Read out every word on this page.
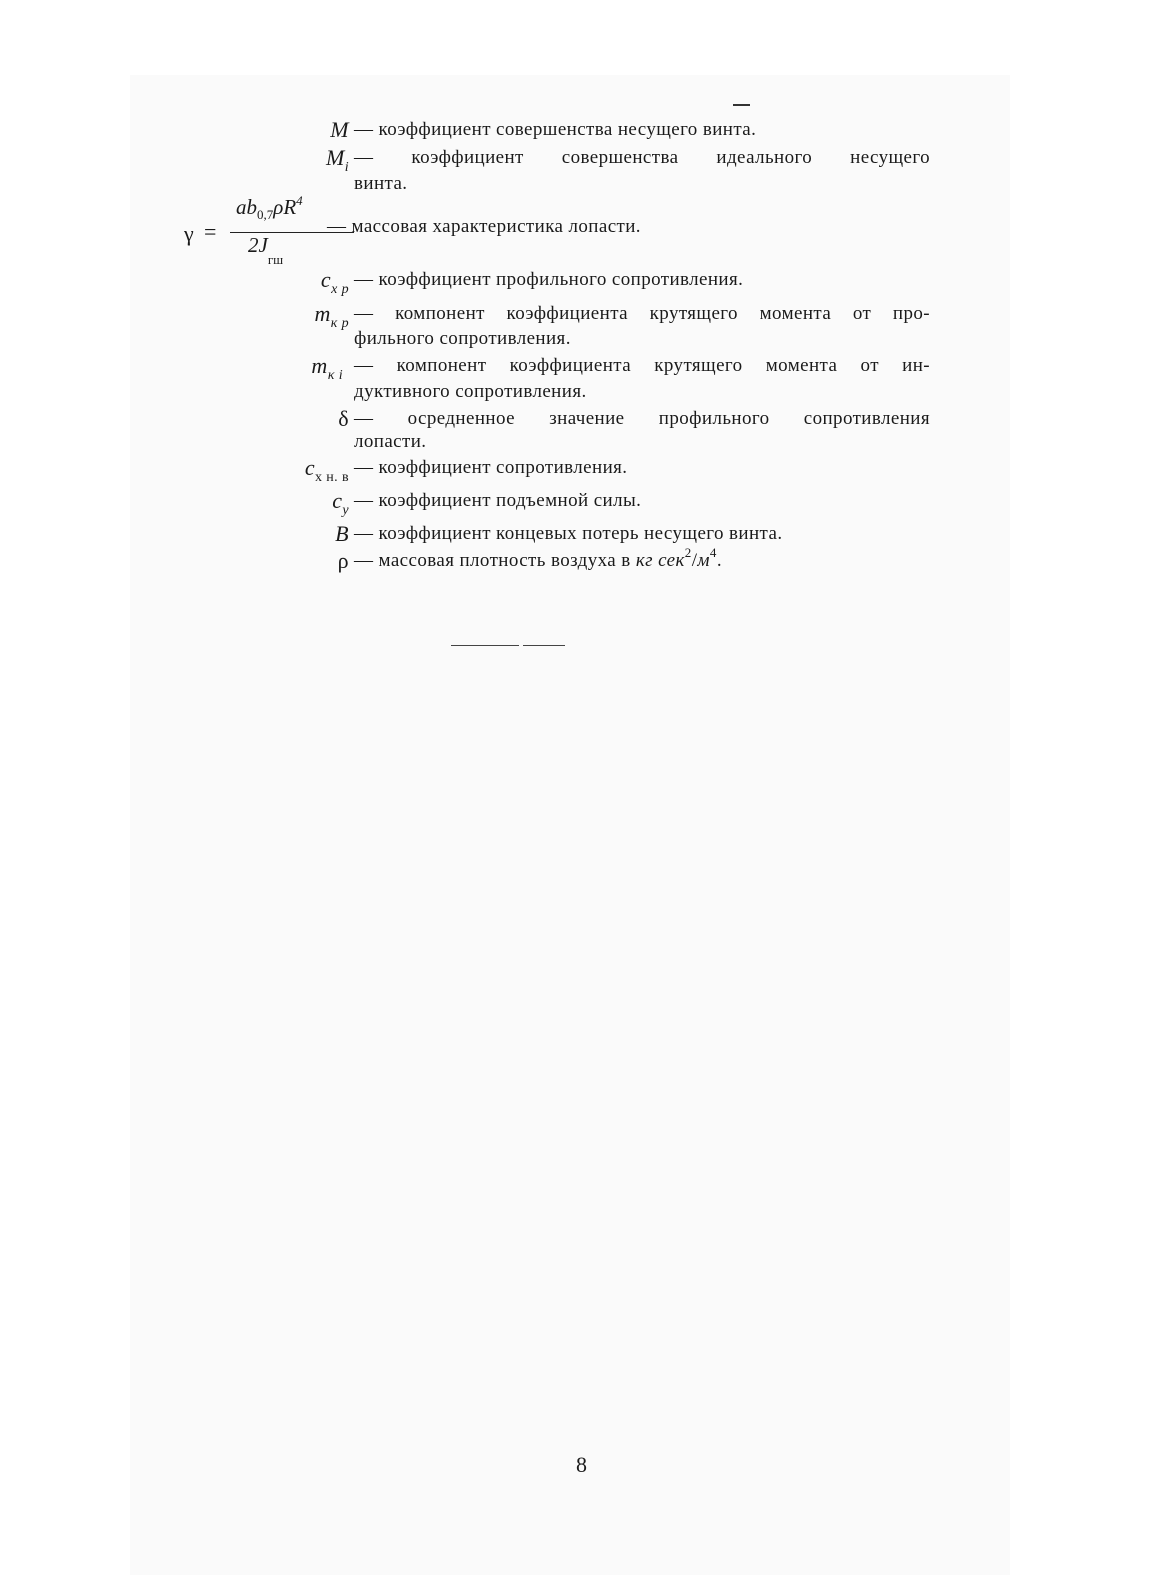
M — коэффициент совершенства несущего винта.
$M_i$ — коэффициент совершенства идеального несущего
винта.
γ =
$ab_{0,7}\rho R^4$
$2J_{гш}$
— массовая характеристика лопасти.
$c_{x p}$ — коэффициент профильного сопротивления.
$m_{к p}$ — компонент коэффициента крутящего момента от про-
фильного сопротивления.
$m_{\kappa i}$ — компонент коэффициента крутящего момента от ин-
дуктивного сопротивления.
δ — осредненное значение профильного сопротивления
лопасти.
$c_{x н. в}$ — коэффициент сопротивления.
$c_y$ — коэффициент подъемной силы.
B — коэффициент концевых потерь несущего винта.
ρ — массовая плотность воздуха в кг $сек^2/м^4$.
8
